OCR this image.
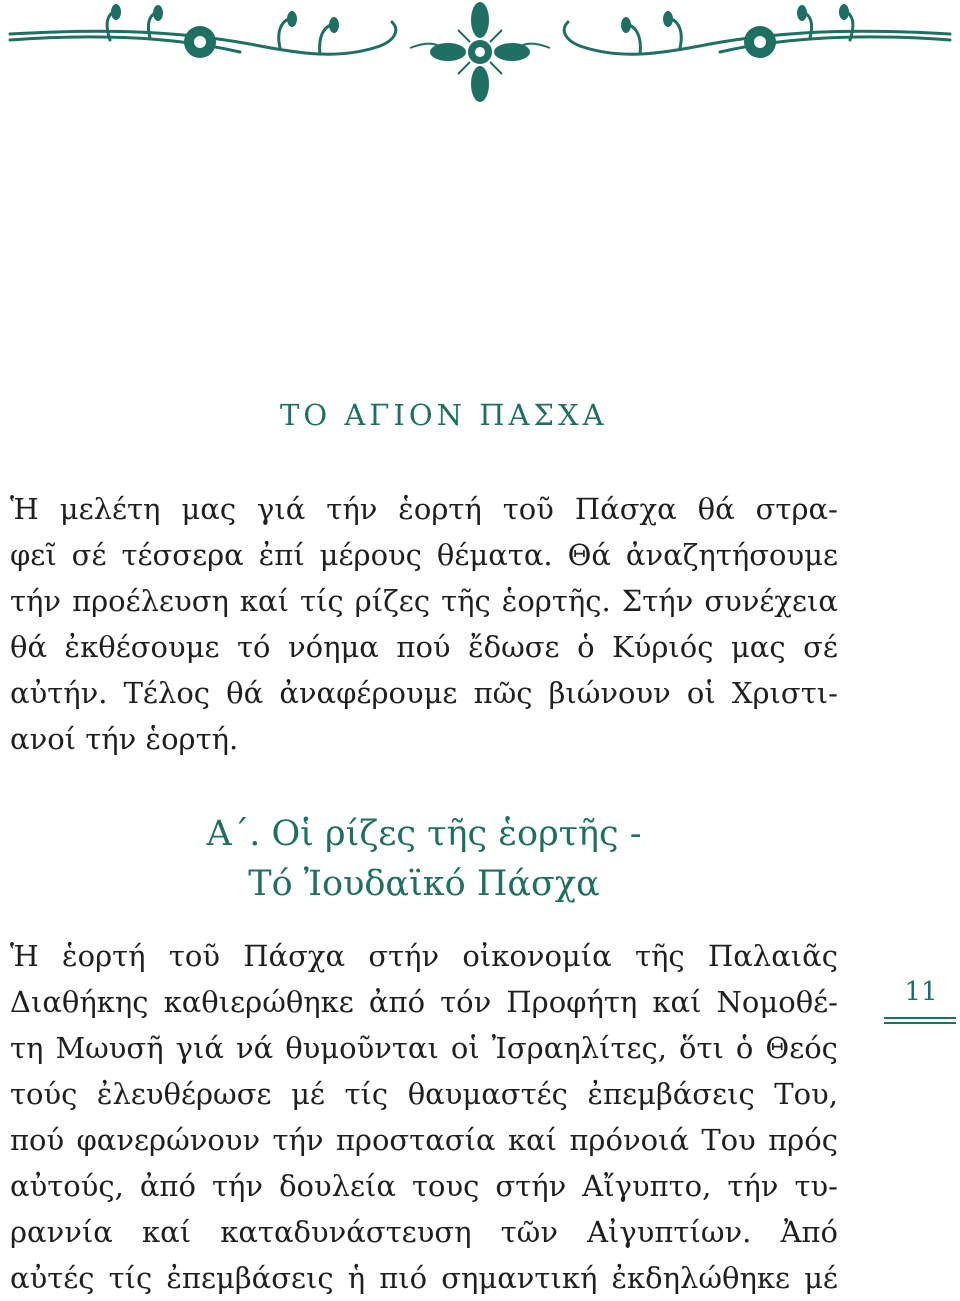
ΤΟ ΑΓΙΟΝ ΠΑΣΧΑ

Ἡ μελέτη μας γιά τήν ἑορτή τοῦ Πάσχα θά στρα-

φεῖ σέ τέσσερα ἐπί μέρους θέματα. Θά ἀναζητήσουμε

τήν προέλευση καί τίς ρίζες τῆς ἑορτῆς. Στήν συνέχεια

θά ἐκθέσουμε τό νόημα πού ἔδωσε ὁ Κύριός μας σέ

αὐτήν. Τέλος θά ἀναφέρουμε πῶς βιώνουν οἱ Χριστι-

ανοί τήν ἑορτή.

Α΄. Οἱ ρίζες τῆς ἑορτῆς -
Τό Ἰουδαϊκό Πάσχα

Ἡ ἑορτή τοῦ Πάσχα στήν οἰκονομία τῆς Παλαιᾶς

Διαθήκης καθιερώθηκε ἀπό τόν Προφήτη καί Νομοθέ-

τη Μωυσῆ γιά νά θυμοῦνται οἱ Ἰσραηλίτες, ὅτι ὁ Θεός

τούς ἐλευθέρωσε μέ τίς θαυμαστές ἐπεμβάσεις Του,

πού φανερώνουν τήν προστασία καί πρόνοιά Του πρός

αὐτούς, ἀπό τήν δουλεία τους στήν Αἴγυπτο, τήν τυ-

ραννία καί καταδυνάστευση τῶν Αἰγυπτίων. Ἀπό

αὐτές τίς ἐπεμβάσεις ἡ πιό σημαντική ἐκδηλώθηκε μέ

11
